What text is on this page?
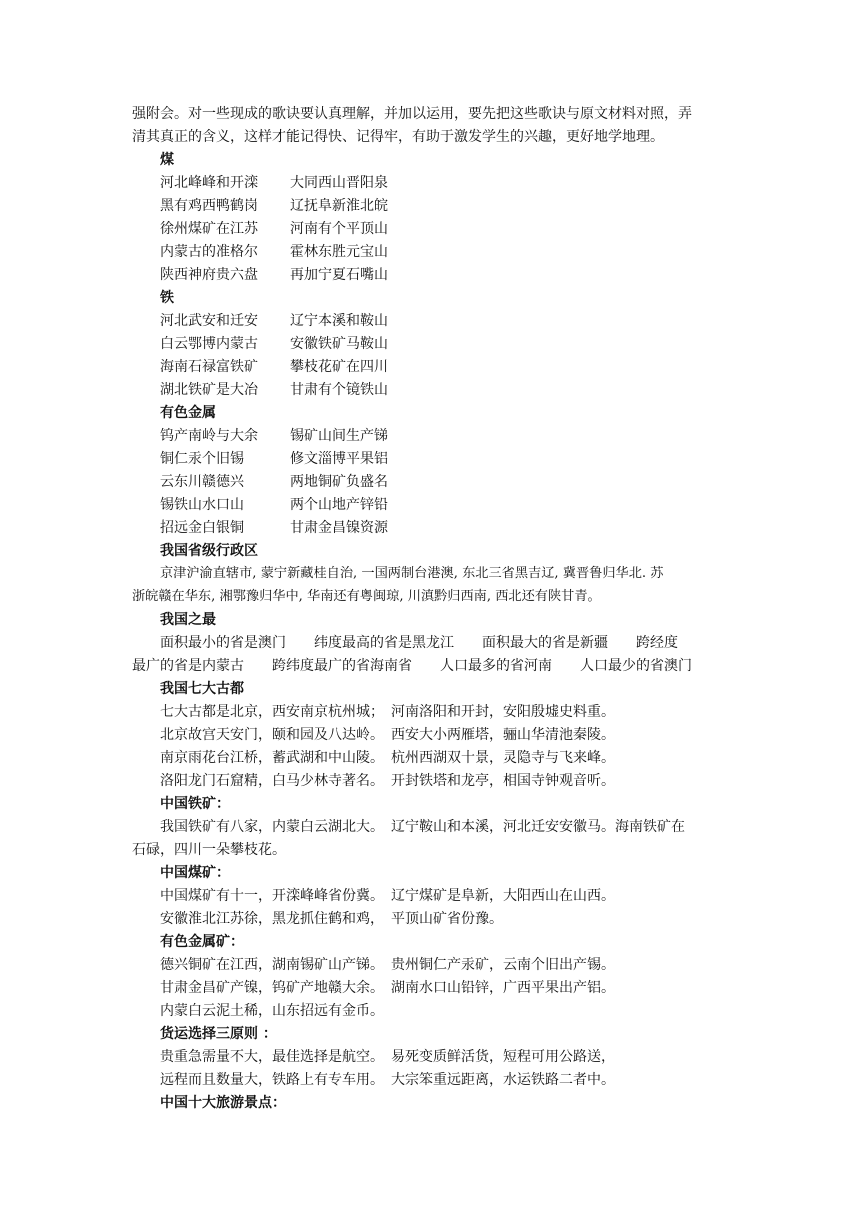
强附会。对一些现成的歌诀要认真理解，并加以运用，要先把这些歌诀与原文材料对照，弄
清其真正的含义，这样才能记得快、记得牢，有助于激发学生的兴趣，更好地学地理。
煤
河北峰峰和开滦 大同西山晋阳泉
黑有鸡西鸭鹤岗 辽抚阜新淮北皖
徐州煤矿在江苏 河南有个平顶山
内蒙古的准格尔 霍林东胜元宝山
陕西神府贵六盘 再加宁夏石嘴山
铁
河北武安和迁安 辽宁本溪和鞍山
白云鄂博内蒙古 安徽铁矿马鞍山
海南石禄富铁矿 攀枝花矿在四川
湖北铁矿是大冶 甘肃有个镜铁山
有色金属
钨产南岭与大余 锡矿山间生产锑
铜仁汞个旧锡	修文淄博平果铝
云东川赣德兴	两地铜矿负盛名
锡铁山水口山	两个山地产锌铅
招远金白银铜	甘肃金昌镍资源
我国省级行政区
京津沪渝直辖市, 蒙宁新藏桂自治, 一国两制台港澳, 东北三省黑吉辽, 冀晋鲁归华北. 苏
浙皖赣在华东, 湘鄂豫归华中, 华南还有粤闽琼, 川滇黔归西南, 西北还有陕甘青。
我国之最
面积最小的省是澳门　　纬度最高的省是黑龙江　　面积最大的省是新疆　　跨经度
最广的省是内蒙古　　跨纬度最广的省海南省　　人口最多的省河南　　人口最少的省澳门
我国七大古都
七大古都是北京，西安南京杭州城；　河南洛阳和开封，安阳殷墟史料重。
北京故宫天安门，颐和园及八达岭。　西安大小两雁塔，骊山华清池秦陵。
南京雨花台江桥，蓄武湖和中山陵。　杭州西湖双十景，灵隐寺与飞来峰。
洛阳龙门石窟精，白马少林寺著名。　开封铁塔和龙亭，相国寺钟观音听。
中国铁矿：
我国铁矿有八家，内蒙白云湖北大。　辽宁鞍山和本溪，河北迁安安徽马。海南铁矿在
石碌，四川一朵攀枝花。
中国煤矿：
中国煤矿有十一，开滦峰峰省份冀。　辽宁煤矿是阜新，大阳西山在山西。
安徽淮北江苏徐，黑龙抓住鹤和鸡，　平顶山矿省份豫。
有色金属矿：
德兴铜矿在江西，湖南锡矿山产锑。　贵州铜仁产汞矿，云南个旧出产锡。
甘肃金昌矿产镍，钨矿产地赣大余。　湖南水口山铅锌，广西平果出产铝。
内蒙白云泥土稀，山东招远有金币。
货运选择三原则 ：
贵重急需量不大，最佳选择是航空。　易死变质鲜活货，短程可用公路送，
远程而且数量大，铁路上有专车用。　大宗笨重远距离，水运铁路二者中。
中国十大旅游景点：
